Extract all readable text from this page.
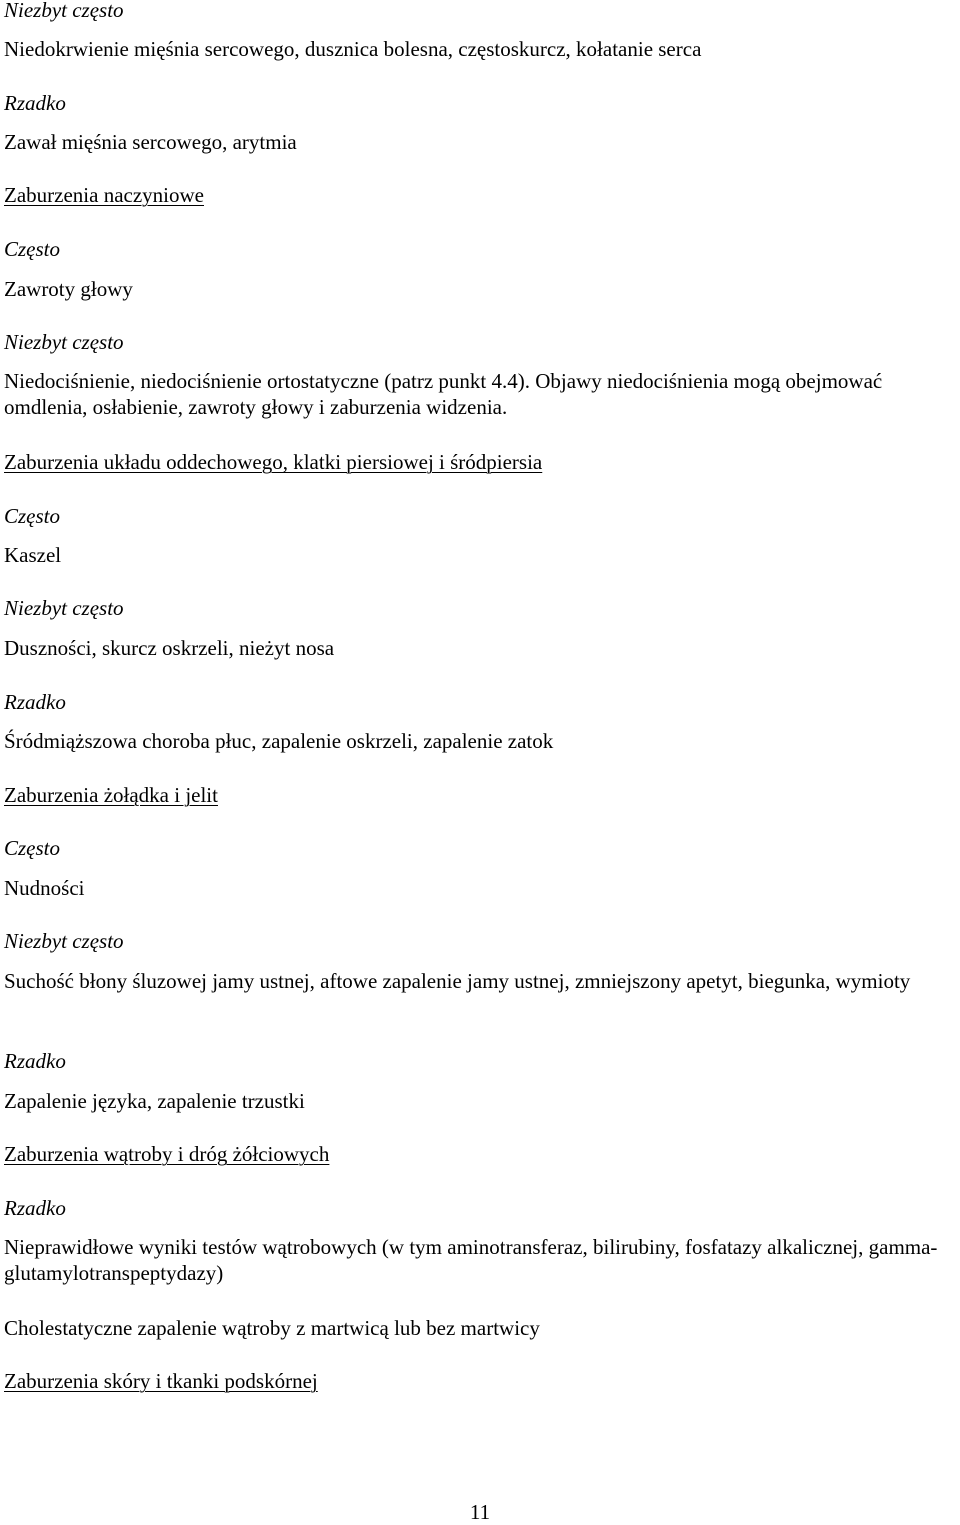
Niezbyt często
Niedokrwienie mięśnia sercowego, dusznica bolesna, częstoskurcz, kołatanie serca
Rzadko
Zawał mięśnia sercowego, arytmia
Zaburzenia naczyniowe
Często
Zawroty głowy
Niezbyt często
Niedociśnienie, niedociśnienie ortostatyczne (patrz punkt 4.4). Objawy niedociśnienia mogą obejmować omdlenia, osłabienie, zawroty głowy i zaburzenia widzenia.
Zaburzenia układu oddechowego, klatki piersiowej i śródpiersia
Często
Kaszel
Niezbyt często
Duszności, skurcz oskrzeli, nieżyt nosa
Rzadko
Śródmiąższowa choroba płuc, zapalenie oskrzeli, zapalenie zatok
Zaburzenia żołądka i jelit
Często
Nudności
Niezbyt często
Suchość błony śluzowej jamy ustnej, aftowe zapalenie jamy ustnej, zmniejszony apetyt, biegunka, wymioty
Rzadko
Zapalenie języka, zapalenie trzustki
Zaburzenia wątroby i dróg żółciowych
Rzadko
Nieprawidłowe wyniki testów wątrobowych (w tym aminotransferaz, bilirubiny, fosfatazy alkalicznej, gamma-glutamylotranspeptydazy)
Cholestatyczne zapalenie wątroby z martwicą lub bez martwicy
Zaburzenia skóry i tkanki podskórnej
11
